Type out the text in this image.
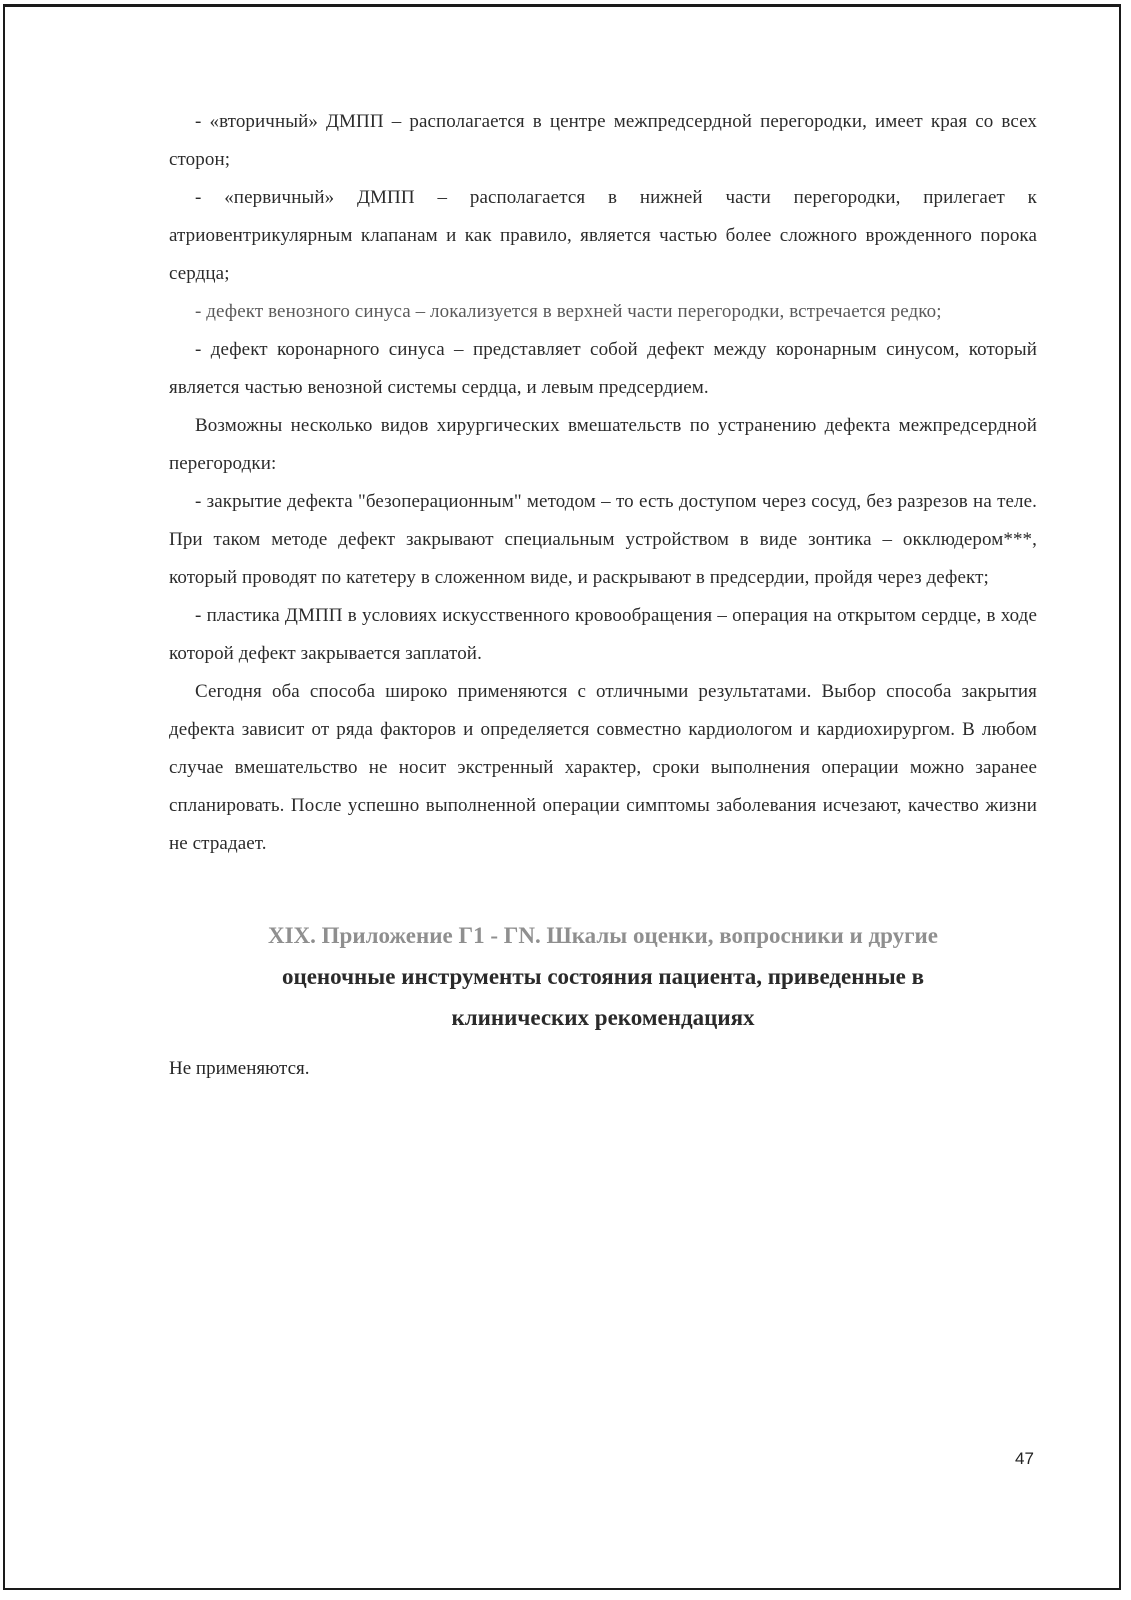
- «вторичный» ДМПП – располагается в центре межпредсердной перегородки, имеет края со всех сторон;

- «первичный» ДМПП – располагается в нижней части перегородки, прилегает к атриовентрикулярным клапанам и как правило, является частью более сложного врожденного порока сердца;

- дефект венозного синуса – локализуется в верхней части перегородки, встречается редко;

- дефект коронарного синуса – представляет собой дефект между коронарным синусом, который является частью венозной системы сердца, и левым предсердием.

Возможны несколько видов хирургических вмешательств по устранению дефекта межпредсердной перегородки:

- закрытие дефекта "безоперационным" методом – то есть доступом через сосуд, без разрезов на теле. При таком методе дефект закрывают специальным устройством в виде зонтика – окклюдером***, который проводят по катетеру в сложенном виде, и раскрывают в предсердии, пройдя через дефект;

- пластика ДМПП в условиях искусственного кровообращения – операция на открытом сердце, в ходе которой дефект закрывается заплатой.

Сегодня оба способа широко применяются с отличными результатами. Выбор способа закрытия дефекта зависит от ряда факторов и определяется совместно кардиологом и кардиохирургом. В любом случае вмешательство не носит экстренный характер, сроки выполнения операции можно заранее спланировать. После успешно выполненной операции симптомы заболевания исчезают, качество жизни не страдает.

XIX. Приложение Г1 - ГN. Шкалы оценки, вопросники и другие
оценочные инструменты состояния пациента, приведенные в
клинических рекомендациях

Не применяются.

47
